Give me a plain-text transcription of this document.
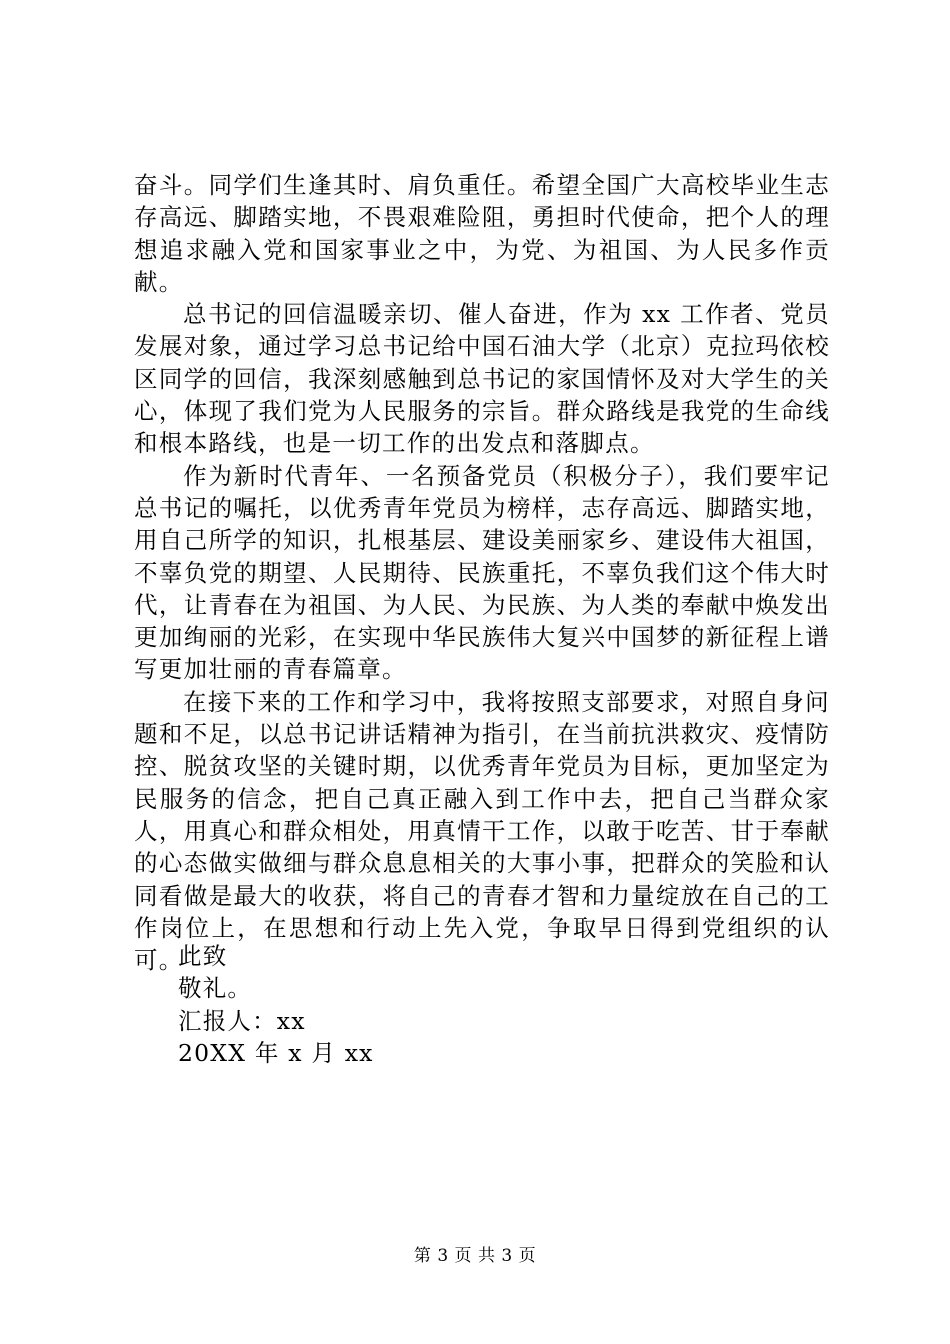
奋斗。同学们生逢其时、肩负重任。希望全国广大高校毕业生志存高远、脚踏实地，不畏艰难险阻，勇担时代使命，把个人的理想追求融入党和国家事业之中，为党、为祖国、为人民多作贡献。

总书记的回信温暖亲切、催人奋进，作为 xx 工作者、党员发展对象，通过学习总书记给中国石油大学（北京）克拉玛依校区同学的回信，我深刻感触到总书记的家国情怀及对大学生的关心，体现了我们党为人民服务的宗旨。群众路线是我党的生命线和根本路线，也是一切工作的出发点和落脚点。

作为新时代青年、一名预备党员（积极分子），我们要牢记总书记的嘱托，以优秀青年党员为榜样，志存高远、脚踏实地，用自己所学的知识，扎根基层、建设美丽家乡、建设伟大祖国，不辜负党的期望、人民期待、民族重托，不辜负我们这个伟大时代，让青春在为祖国、为人民、为民族、为人类的奉献中焕发出更加绚丽的光彩，在实现中华民族伟大复兴中国梦的新征程上谱写更加壮丽的青春篇章。

在接下来的工作和学习中，我将按照支部要求，对照自身问题和不足，以总书记讲话精神为指引，在当前抗洪救灾、疫情防控、脱贫攻坚的关键时期，以优秀青年党员为目标，更加坚定为民服务的信念，把自己真正融入到工作中去，把自己当群众家人，用真心和群众相处，用真情干工作，以敢于吃苦、甘于奉献的心态做实做细与群众息息相关的大事小事，把群众的笑脸和认同看做是最大的收获，将自己的青春才智和力量绽放在自己的工作岗位上，在思想和行动上先入党，争取早日得到党组织的认可。

此致
敬礼。
汇报人：xx
20XX 年 x 月 xx
第 3 页 共 3 页
